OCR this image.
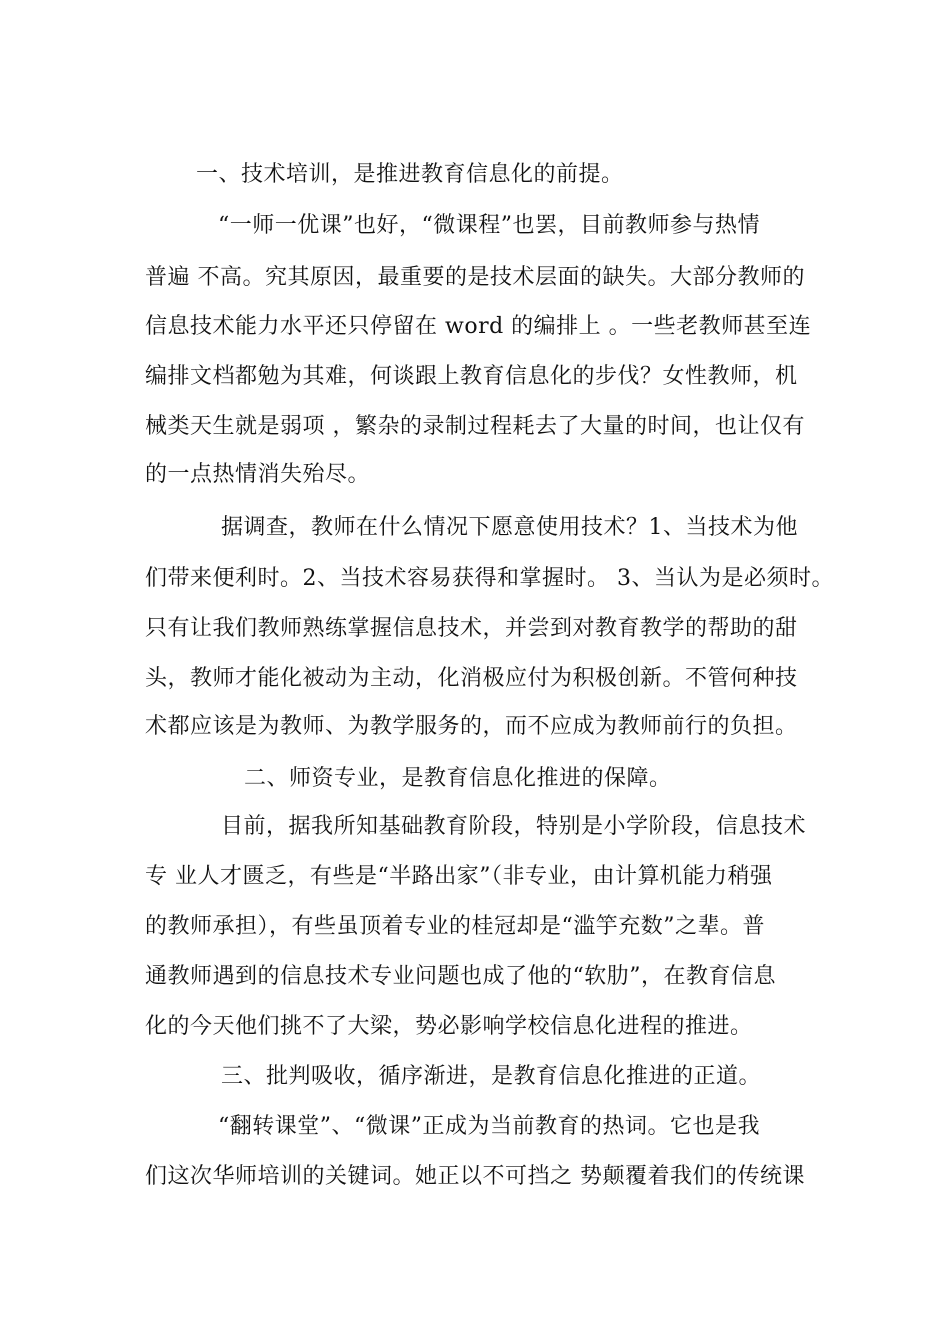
一、技术培训，是推进教育信息化的前提。
“一师一优课”也好，“微课程”也罢，目前教师参与热情
普遍 不高。究其原因，最重要的是技术层面的缺失。大部分教师的
信息技术能力水平还只停留在 word 的编排上 。一些老教师甚至连
编排文档都勉为其难，何谈跟上教育信息化的步伐？女性教师，机
械类天生就是弱项 ，繁杂的录制过程耗去了大量的时间，也让仅有
的一点热情消失殆尽。
据调查，教师在什么情况下愿意使用技术？1、当技术为他
们带来便利时。2、当技术容易获得和掌握时。 3、当认为是必须时。
只有让我们教师熟练掌握信息技术，并尝到对教育教学的帮助的甜
头，教师才能化被动为主动，化消极应付为积极创新。不管何种技
术都应该是为教师、为教学服务的，而不应成为教师前行的负担。
二、师资专业，是教育信息化推进的保障。
目前，据我所知基础教育阶段，特别是小学阶段，信息技术
专 业人才匮乏，有些是“半路出家”（非专业，由计算机能力稍强
的教师承担），有些虽顶着专业的桂冠却是“滥竽充数”之辈。普
通教师遇到的信息技术专业问题也成了他的“软肋”，在教育信息
化的今天他们挑不了大梁，势必影响学校信息化进程的推进。
三、批判吸收，循序渐进，是教育信息化推进的正道。
“翻转课堂”、“微课”正成为当前教育的热词。它也是我
们这次华师培训的关键词。她正以不可挡之 势颠覆着我们的传统课
